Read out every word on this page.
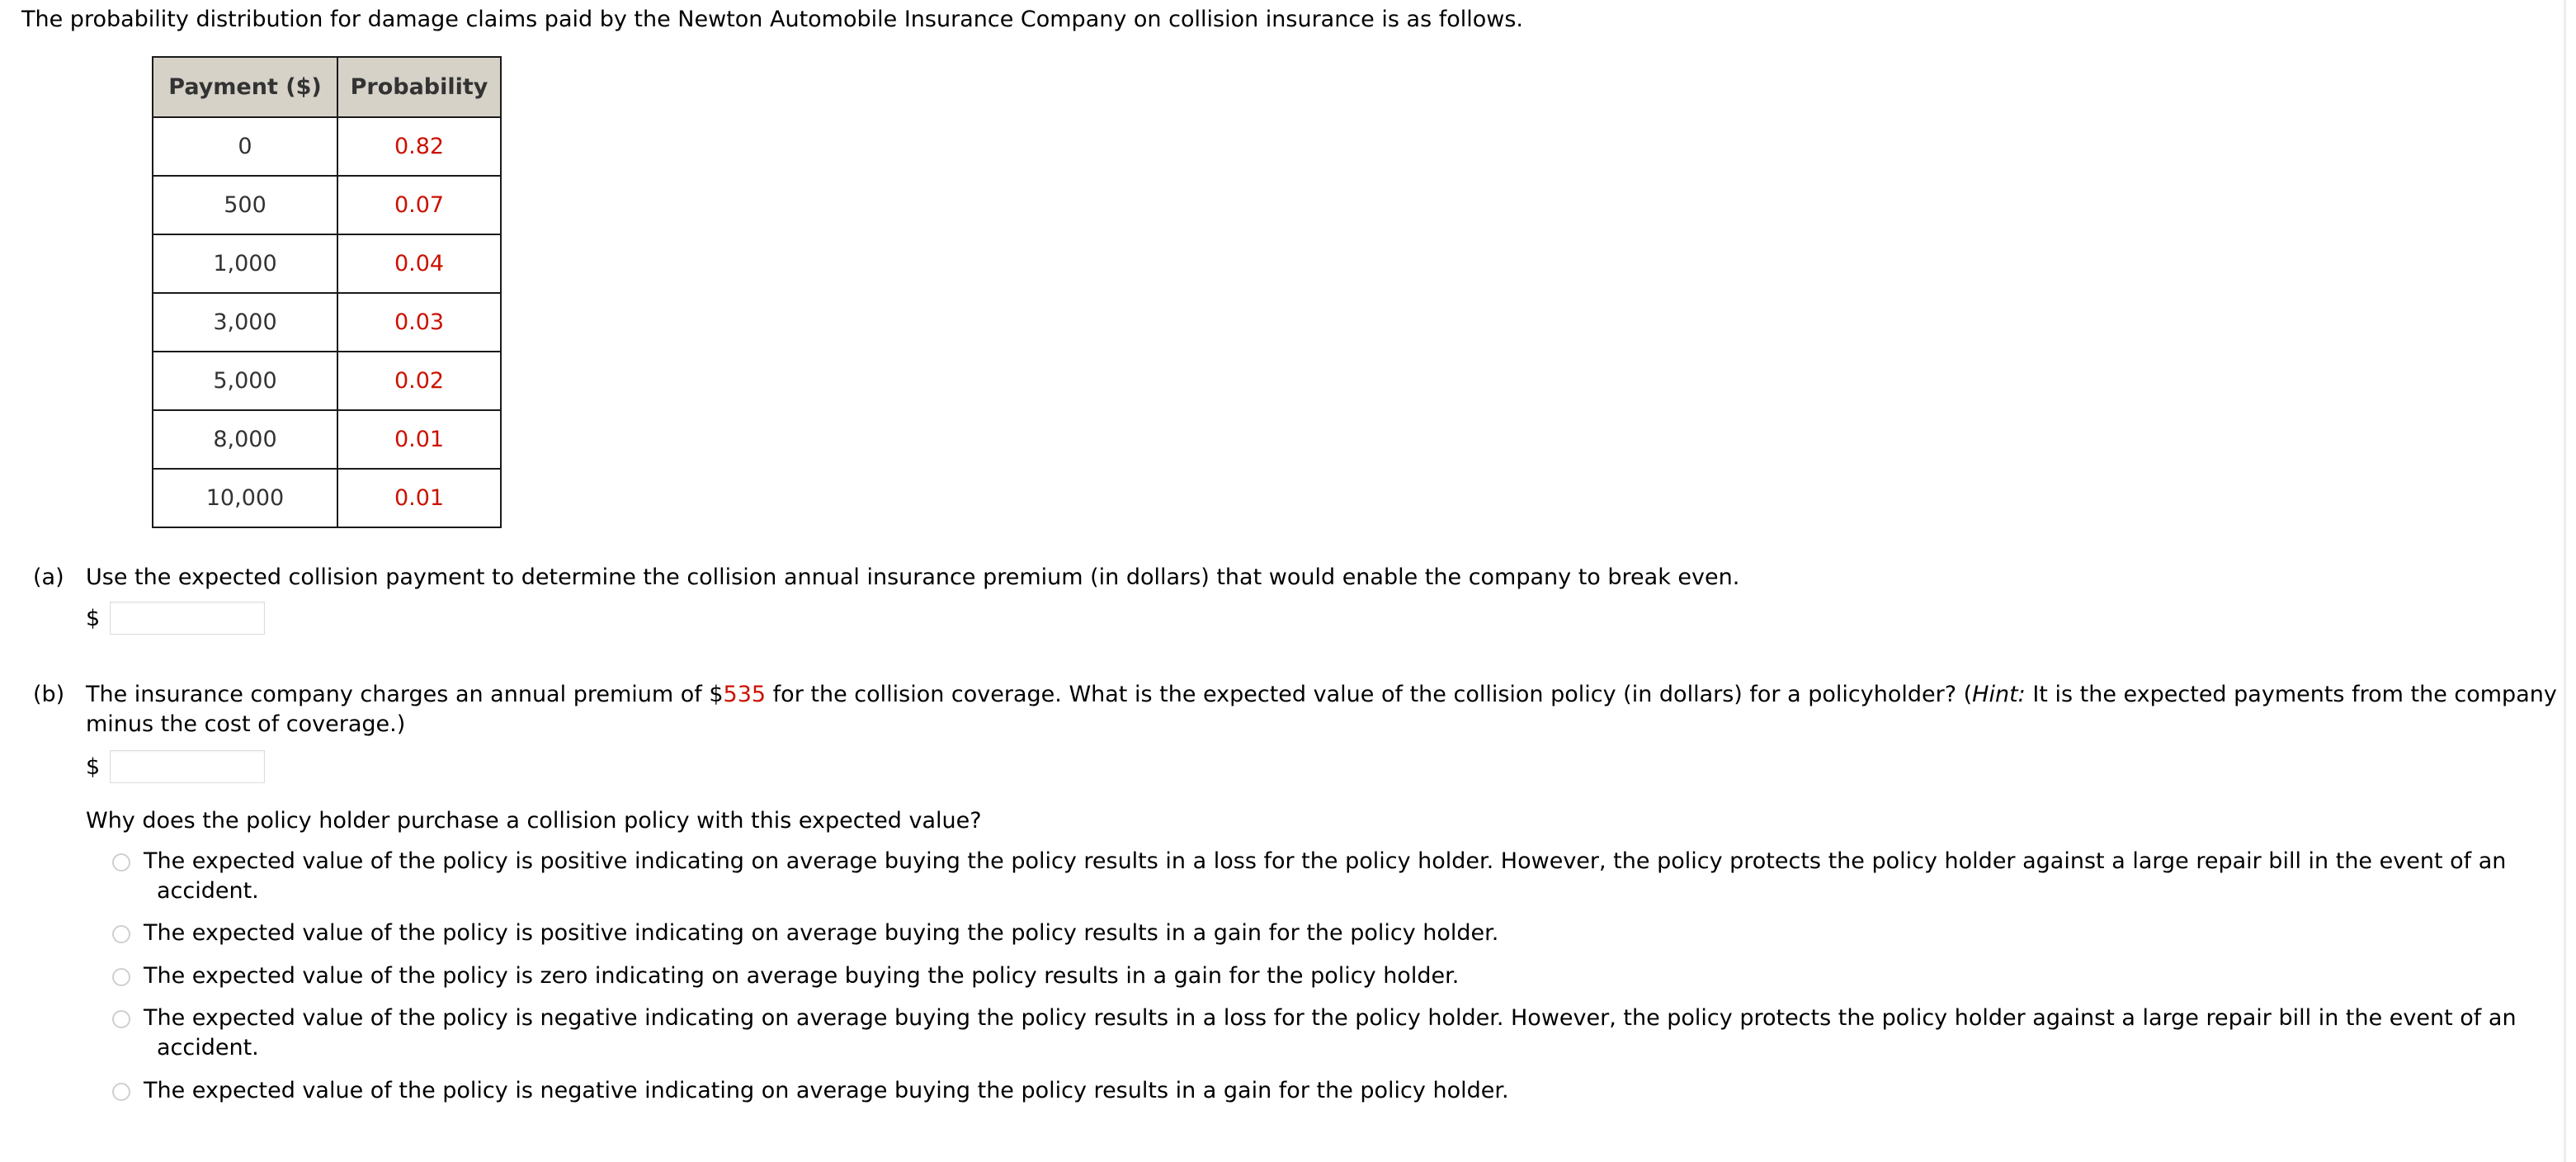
The probability distribution for damage claims paid by the Newton Automobile Insurance Company on collision insurance is as follows.
Payment ($)	Probability
0	0.82
500	0.07
1,000	0.04
3,000	0.03
5,000	0.02
8,000	0.01
10,000	0.01
(a) Use the expected collision payment to determine the collision annual insurance premium (in dollars) that would enable the company to break even.
$
(b) The insurance company charges an annual premium of $535 for the collision coverage. What is the expected value of the collision policy (in dollars) for a policyholder? (Hint: It is the expected payments from the company
minus the cost of coverage.)
$
Why does the policy holder purchase a collision policy with this expected value?
The expected value of the policy is positive indicating on average buying the policy results in a loss for the policy holder. However, the policy protects the policy holder against a large repair bill in the event of an
accident.
The expected value of the policy is positive indicating on average buying the policy results in a gain for the policy holder.
The expected value of the policy is zero indicating on average buying the policy results in a gain for the policy holder.
The expected value of the policy is negative indicating on average buying the policy results in a loss for the policy holder. However, the policy protects the policy holder against a large repair bill in the event of an
accident.
The expected value of the policy is negative indicating on average buying the policy results in a gain for the policy holder.
